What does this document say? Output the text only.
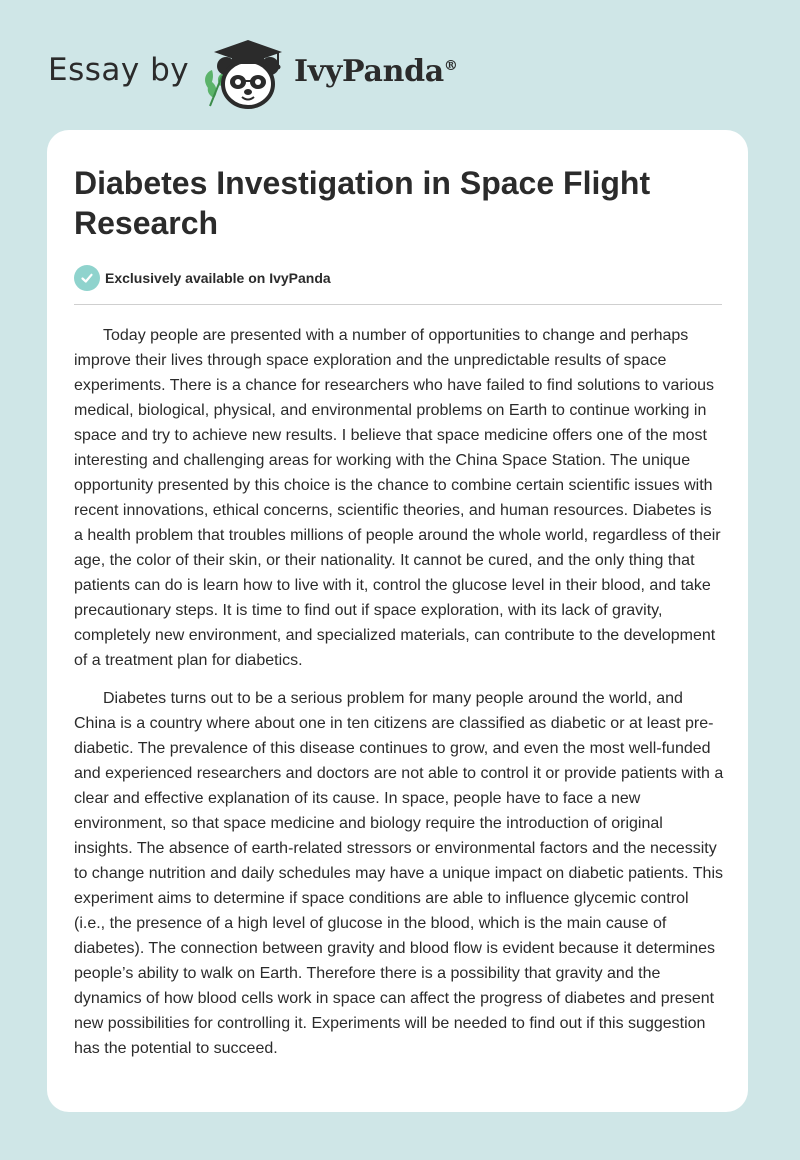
Essay by	IvyPanda®
Diabetes Investigation in Space Flight Research
Exclusively available on IvyPanda

Today people are presented with a number of opportunities to change and perhaps improve their lives through space exploration and the unpredictable results of space experiments. There is a chance for researchers who have failed to find solutions to various medical, biological, physical, and environmental problems on Earth to continue working in space and try to achieve new results. I believe that space medicine offers one of the most interesting and challenging areas for working with the China Space Station. The unique opportunity presented by this choice is the chance to combine certain scientific issues with recent innovations, ethical concerns, scientific theories, and human resources. Diabetes is a health problem that troubles millions of people around the whole world, regardless of their age, the color of their skin, or their nationality. It cannot be cured, and the only thing that patients can do is learn how to live with it, control the glucose level in their blood, and take precautionary steps. It is time to find out if space exploration, with its lack of gravity, completely new environment, and specialized materials, can contribute to the development of a treatment plan for diabetics.

Diabetes turns out to be a serious problem for many people around the world, and China is a country where about one in ten citizens are classified as diabetic or at least pre-diabetic. The prevalence of this disease continues to grow, and even the most well-funded and experienced researchers and doctors are not able to control it or provide patients with a clear and effective explanation of its cause. In space, people have to face a new environment, so that space medicine and biology require the introduction of original insights. The absence of earth-related stressors or environmental factors and the necessity to change nutrition and daily schedules may have a unique impact on diabetic patients. This experiment aims to determine if space conditions are able to influence glycemic control (i.e., the presence of a high level of glucose in the blood, which is the main cause of diabetes). The connection between gravity and blood flow is evident because it determines people’s ability to walk on Earth. Therefore there is a possibility that gravity and the dynamics of how blood cells work in space can affect the progress of diabetes and present new possibilities for controlling it. Experiments will be needed to find out if this suggestion has the potential to succeed.
